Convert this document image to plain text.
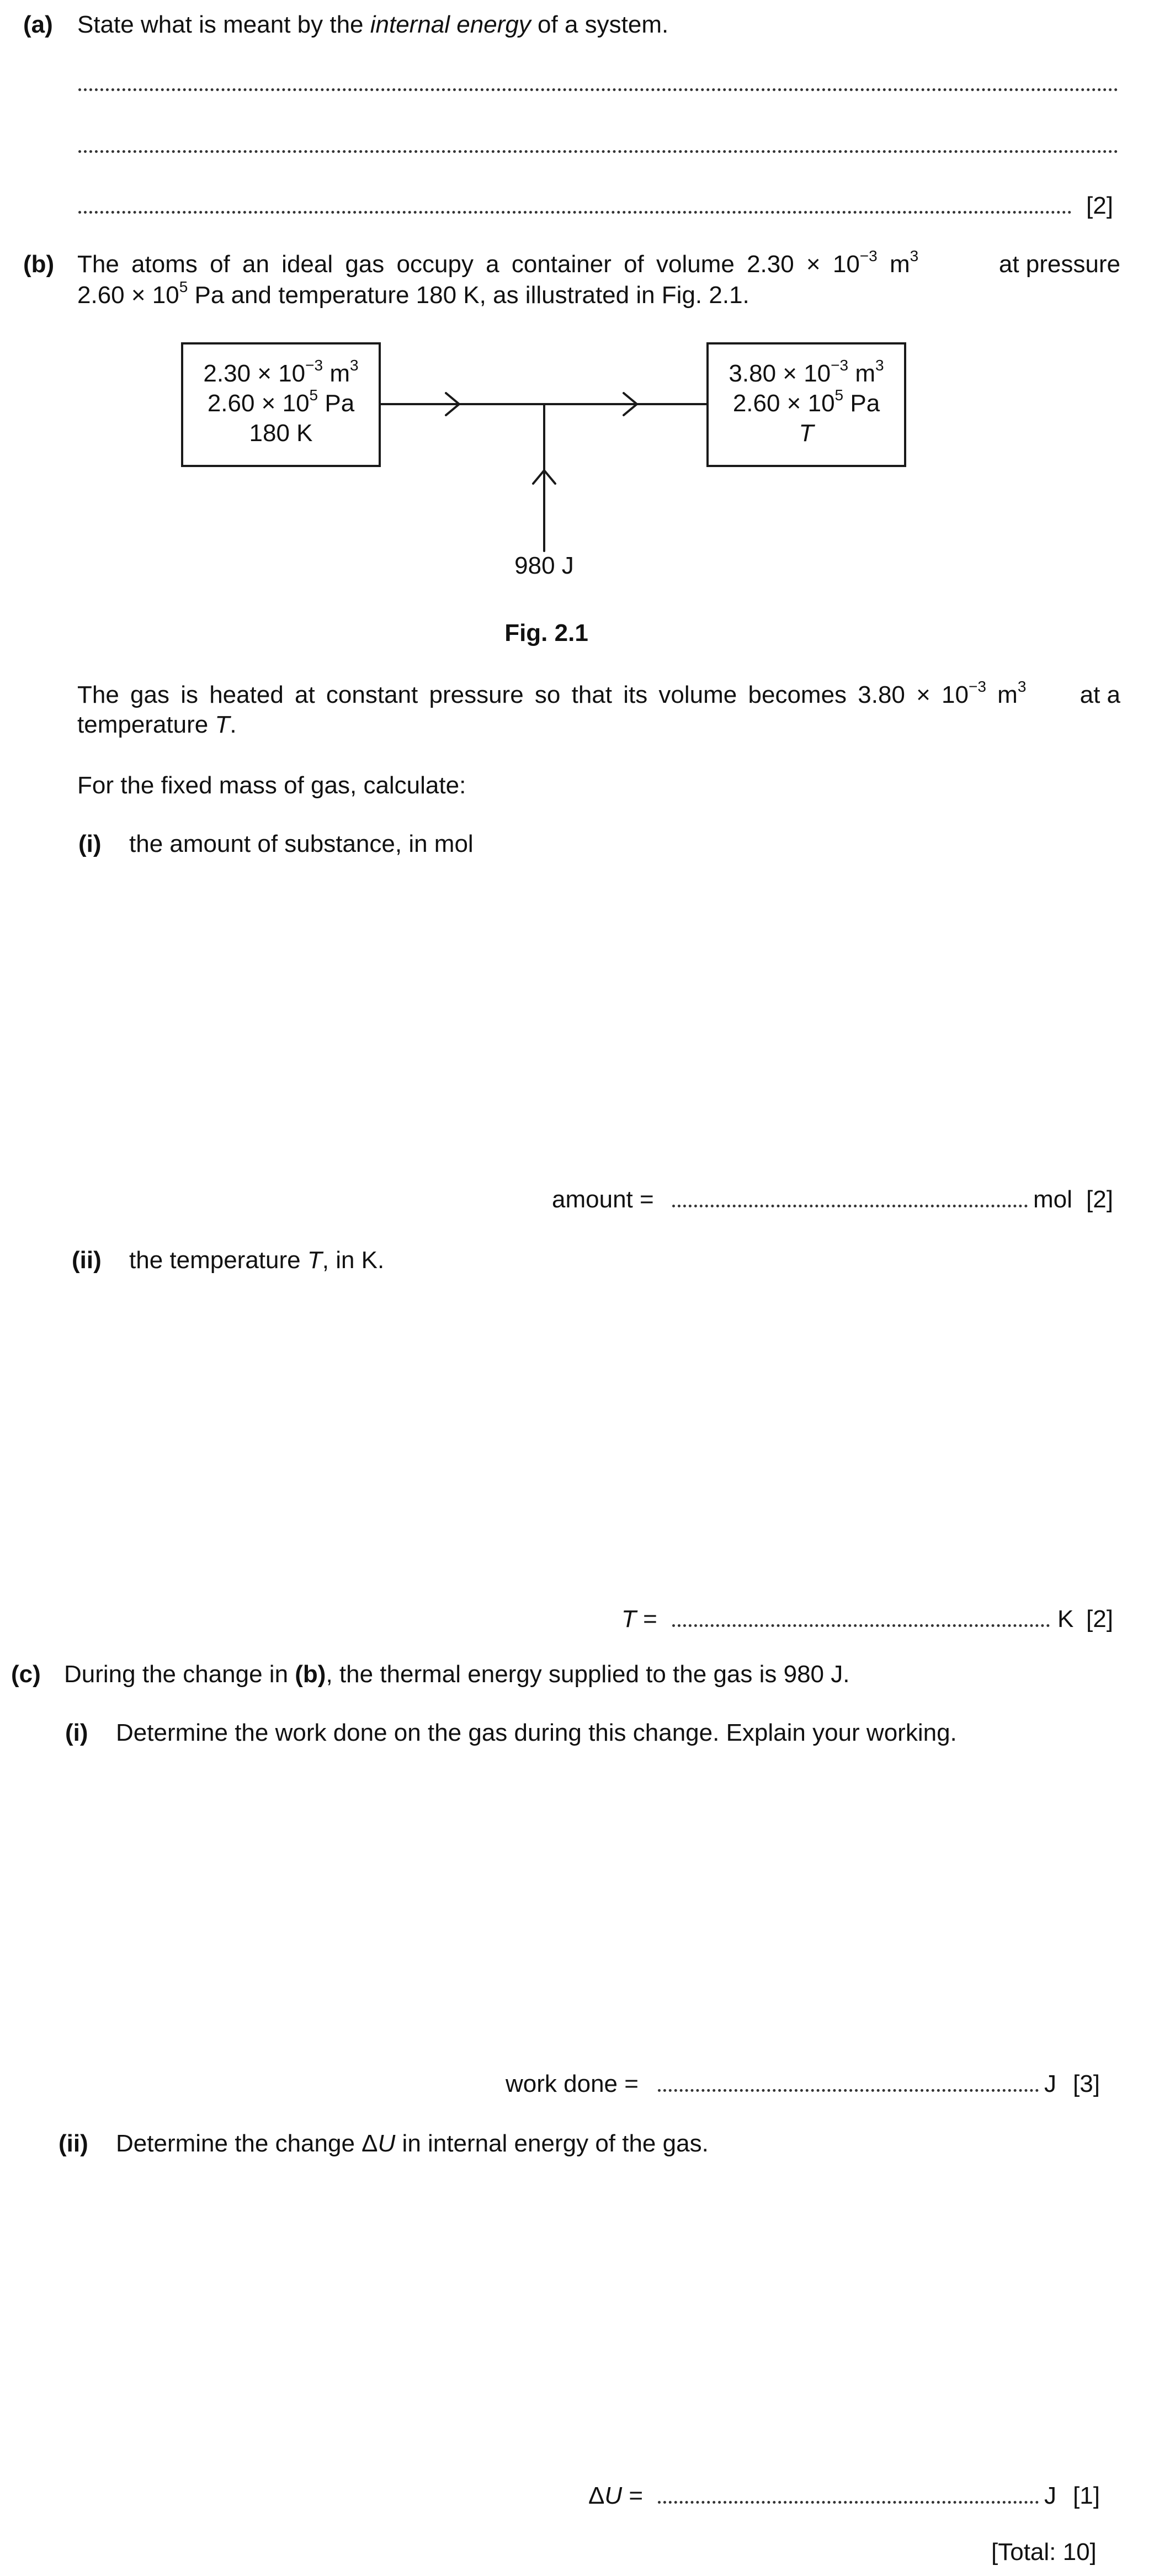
(a) State what is meant by the internal energy of a system.
[2]
(b) The atoms of an ideal gas occupy a container of volume $2.30 \times 10^{-3}$ $m^3$	at pressure
$2.60 \times 10^5$ Pa and temperature 180 K, as illustrated in Fig. 2.1.
$2.30 \times 10^{-3}$ $m^3$
$2.60 \times 10^5$ Pa
180 K
$3.80 \times 10^{-3}$ $m^3$
$2.60 \times 10^5$ Pa
T
980 J
Fig. 2.1
The gas is heated at constant pressure so that its volume becomes $3.80 \times 10^{-3}$ $m^3$ at a
temperature T.
For the fixed mass of gas, calculate:
(i) the amount of substance, in mol
amount =	mol [2]
(ii) the temperature T, in K.
T =	K [2]
(c) During the change in (b), the thermal energy supplied to the gas is 980 J.
(i) Determine the work done on the gas during this change. Explain your working.
work done =	J [3]
(ii) Determine the change ΔU in internal energy of the gas.
ΔU =	J [1]
[Total: 10]
